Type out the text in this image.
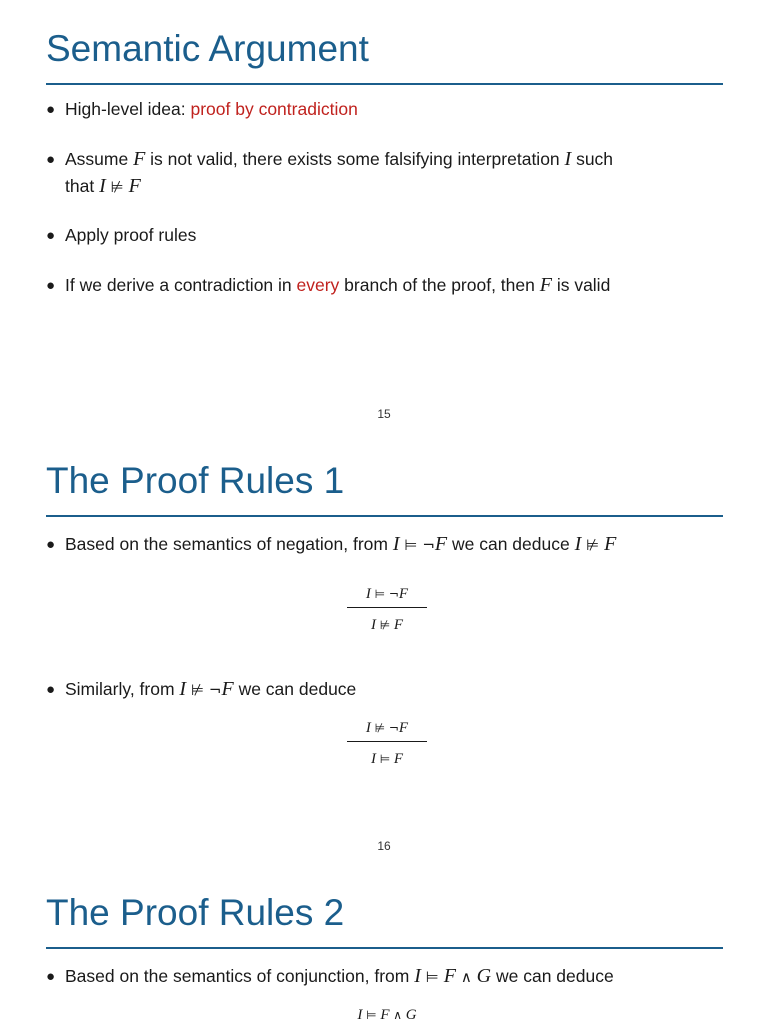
Semantic Argument
● High-level idea: proof by contradiction
● Assume F is not valid, there exists some falsifying interpretation I such
that I ⊭ F
● Apply proof rules
● If we derive a contradiction in every branch of the proof, then F is valid
15
The Proof Rules 1
● Based on the semantics of negation, from I ⊨ ¬F we can deduce I ⊭ F
I ⊨ ¬F
I ⊭ F
● Similarly, from I ⊭ ¬F we can deduce
I ⊭ ¬F
I ⊨ F
16
The Proof Rules 2
● Based on the semantics of conjunction, from I ⊨ F ∧ G we can deduce
I ⊨ F ∧ G
